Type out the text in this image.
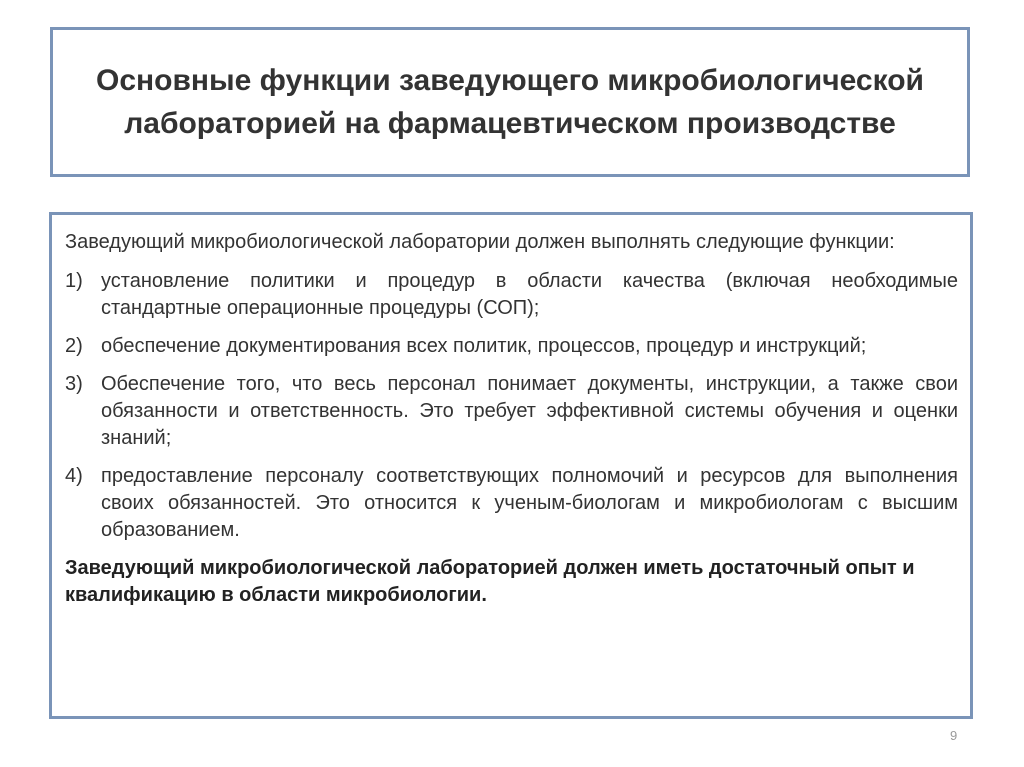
Основные функции заведующего микробиологической лабораторией на фармацевтическом производстве

Заведующий микробиологической лаборатории должен выполнять следующие функции:

1) установление политики и процедур в области качества (включая необходимые стандартные операционные процедуры (СОП);
2) обеспечение документирования всех политик, процессов, процедур и инструкций;
3) Обеспечение того, что весь персонал понимает документы, инструкции, а также свои обязанности и ответственность. Это требует эффективной системы обучения и оценки знаний;
4) предоставление персоналу соответствующих полномочий и ресурсов для выполнения своих обязанностей. Это относится к ученым-биологам и микробиологам с высшим образованием.

Заведующий микробиологической лабораторией должен иметь достаточный опыт и квалификацию в области микробиологии.

9
